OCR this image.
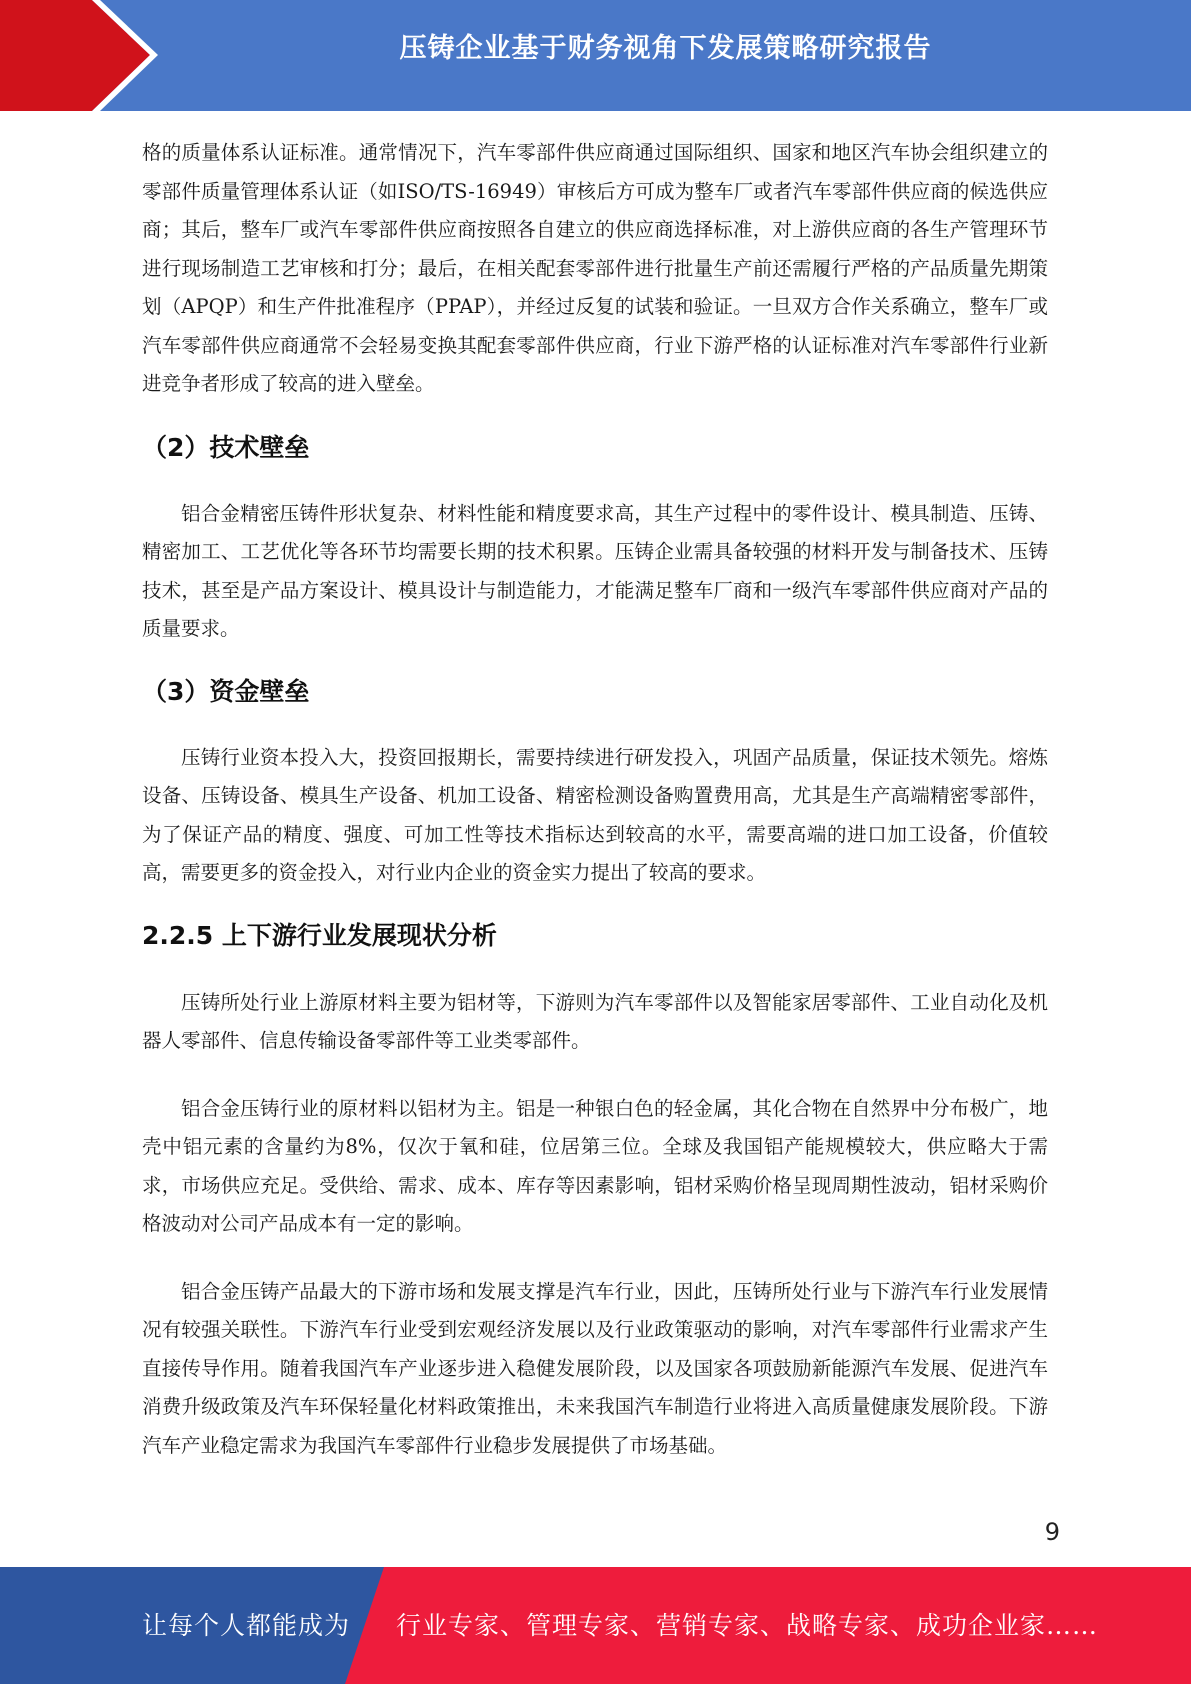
压铸企业基于财务视角下发展策略研究报告

格的质量体系认证标准。通常情况下，汽车零部件供应商通过国际组织、国家和地区汽车协会组织建立的零部件质量管理体系认证（如ISO/TS-16949）审核后方可成为整车厂或者汽车零部件供应商的候选供应商；其后，整车厂或汽车零部件供应商按照各自建立的供应商选择标准，对上游供应商的各生产管理环节进行现场制造工艺审核和打分；最后，在相关配套零部件进行批量生产前还需履行严格的产品质量先期策划（APQP）和生产件批准程序（PPAP），并经过反复的试装和验证。一旦双方合作关系确立，整车厂或汽车零部件供应商通常不会轻易变换其配套零部件供应商，行业下游严格的认证标准对汽车零部件行业新进竞争者形成了较高的进入壁垒。

（2）技术壁垒

铝合金精密压铸件形状复杂、材料性能和精度要求高，其生产过程中的零件设计、模具制造、压铸、精密加工、工艺优化等各环节均需要长期的技术积累。压铸企业需具备较强的材料开发与制备技术、压铸技术，甚至是产品方案设计、模具设计与制造能力，才能满足整车厂商和一级汽车零部件供应商对产品的质量要求。

（3）资金壁垒

压铸行业资本投入大，投资回报期长，需要持续进行研发投入，巩固产品质量，保证技术领先。熔炼设备、压铸设备、模具生产设备、机加工设备、精密检测设备购置费用高，尤其是生产高端精密零部件，为了保证产品的精度、强度、可加工性等技术指标达到较高的水平，需要高端的进口加工设备，价值较高，需要更多的资金投入，对行业内企业的资金实力提出了较高的要求。

2.2.5 上下游行业发展现状分析

压铸所处行业上游原材料主要为铝材等，下游则为汽车零部件以及智能家居零部件、工业自动化及机器人零部件、信息传输设备零部件等工业类零部件。

铝合金压铸行业的原材料以铝材为主。铝是一种银白色的轻金属，其化合物在自然界中分布极广，地壳中铝元素的含量约为8%，仅次于氧和硅，位居第三位。全球及我国铝产能规模较大，供应略大于需求，市场供应充足。受供给、需求、成本、库存等因素影响，铝材采购价格呈现周期性波动，铝材采购价格波动对公司产品成本有一定的影响。

铝合金压铸产品最大的下游市场和发展支撑是汽车行业，因此，压铸所处行业与下游汽车行业发展情况有较强关联性。下游汽车行业受到宏观经济发展以及行业政策驱动的影响，对汽车零部件行业需求产生直接传导作用。随着我国汽车产业逐步进入稳健发展阶段，以及国家各项鼓励新能源汽车发展、促进汽车消费升级政策及汽车环保轻量化材料政策推出，未来我国汽车制造行业将进入高质量健康发展阶段。下游汽车产业稳定需求为我国汽车零部件行业稳步发展提供了市场基础。

9
让每个人都能成为 行业专家、管理专家、营销专家、战略专家、成功企业家……
